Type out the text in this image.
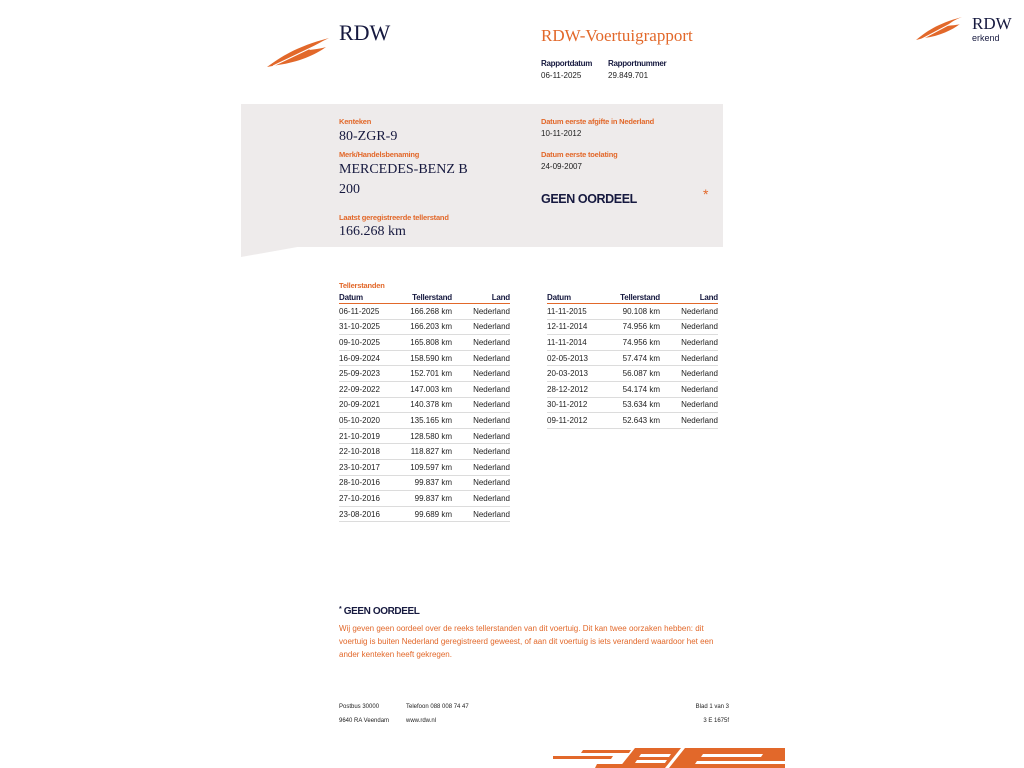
RDW
erkend
RDW	RDW-Voertuigrapport
Rapportdatum
06-11-2025
Rapportnummer
29.849.701
Kenteken
80-ZGR-9
Merk/Handelsbenaming
MERCEDES-BENZ B
200
Laatst geregistreerde tellerstand
166.268 km
Datum eerste afgifte in Nederland
10-11-2012
Datum eerste toelating
24-09-2007
GEEN OORDEEL	*
Tellerstanden
Datum	Tellerstand	Land
06-11-2025	166.268 km	Nederland
31-10-2025	166.203 km	Nederland
09-10-2025	165.808 km	Nederland
16-09-2024	158.590 km	Nederland
25-09-2023	152.701 km	Nederland
22-09-2022	147.003 km	Nederland
20-09-2021	140.378 km	Nederland
05-10-2020	135.165 km	Nederland
21-10-2019	128.580 km	Nederland
22-10-2018	118.827 km	Nederland
23-10-2017	109.597 km	Nederland
28-10-2016	99.837 km	Nederland
27-10-2016	99.837 km	Nederland
23-08-2016	99.689 km	Nederland
Datum	Tellerstand	Land
11-11-2015	90.108 km	Nederland
12-11-2014	74.956 km	Nederland
11-11-2014	74.956 km	Nederland
02-05-2013	57.474 km	Nederland
20-03-2013	56.087 km	Nederland
28-12-2012	54.174 km	Nederland
30-11-2012	53.634 km	Nederland
09-11-2012	52.643 km	Nederland
* GEEN OORDEEL
Wij geven geen oordeel over de reeks tellerstanden van dit voertuig. Dit kan twee oorzaken hebben: dit
voertuig is buiten Nederland geregistreerd geweest, of aan dit voertuig is iets veranderd waardoor het een
ander kenteken heeft gekregen.
Postbus 30000
9640 RA Veendam
Telefoon 088 008 74 47
www.rdw.nl
Blad 1 van 3
3 E 1675f
